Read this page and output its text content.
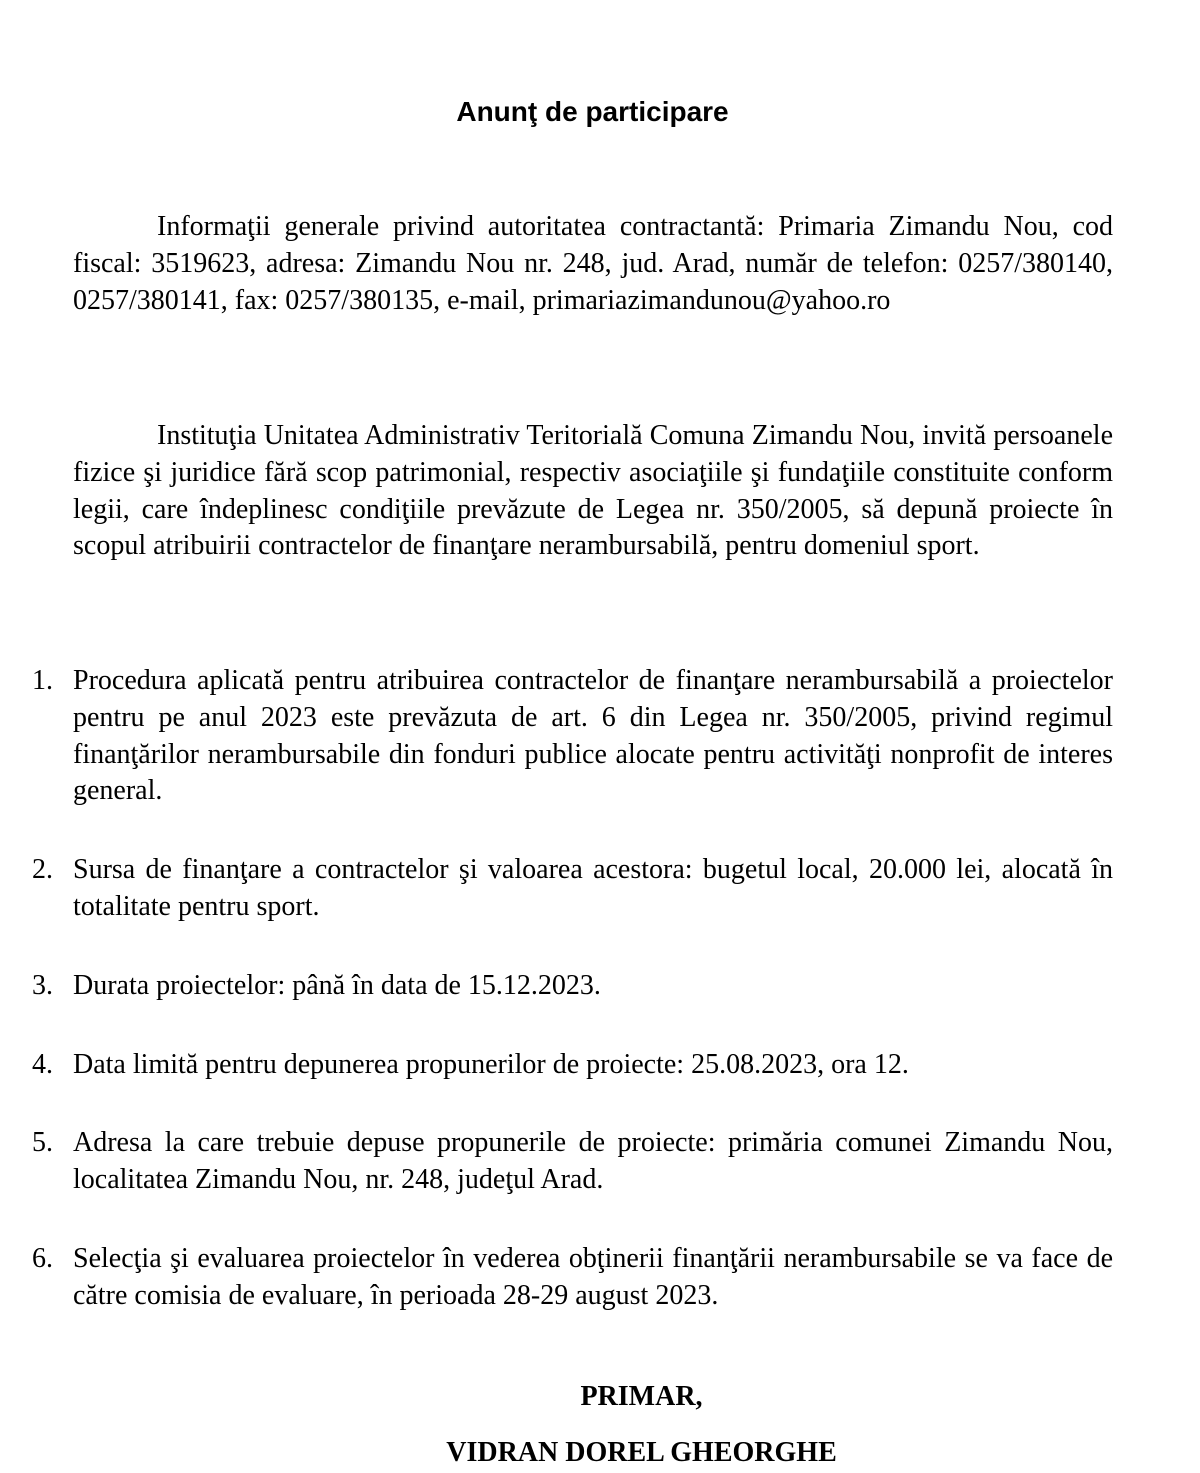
Anunţ de participare

Informaţii generale privind autoritatea contractantă: Primaria Zimandu Nou, cod fiscal: 3519623, adresa: Zimandu Nou nr. 248, jud. Arad, număr de telefon: 0257/380140, 0257/380141, fax: 0257/380135, e-mail, primariazimandunou@yahoo.ro

Instituţia Unitatea Administrativ Teritorială Comuna Zimandu Nou, invită persoanele fizice şi juridice fără scop patrimonial, respectiv asociaţiile şi fundaţiile constituite conform legii, care îndeplinesc condiţiile prevăzute de Legea nr. 350/2005, să depună proiecte în scopul atribuirii contractelor de finanţare nerambursabilă, pentru domeniul sport.

1. Procedura aplicată pentru atribuirea contractelor de finanţare nerambursabilă a proiectelor pentru pe anul 2023 este prevăzuta de art. 6 din Legea nr. 350/2005, privind regimul finanţărilor nerambursabile din fonduri publice alocate pentru activităţi nonprofit de interes general.
2. Sursa de finanţare a contractelor şi valoarea acestora: bugetul local, 20.000 lei, alocată în totalitate pentru sport.
3. Durata proiectelor: până în data de 15.12.2023.
4. Data limită pentru depunerea propunerilor de proiecte: 25.08.2023, ora 12.
5. Adresa la care trebuie depuse propunerile de proiecte: primăria comunei Zimandu Nou, localitatea Zimandu Nou, nr. 248, judeţul Arad.
6. Selecţia şi evaluarea proiectelor în vederea obţinerii finanţării nerambursabile se va face de către comisia de evaluare, în perioada 28-29 august 2023.
PRIMAR,
VIDRAN DOREL GHEORGHE
